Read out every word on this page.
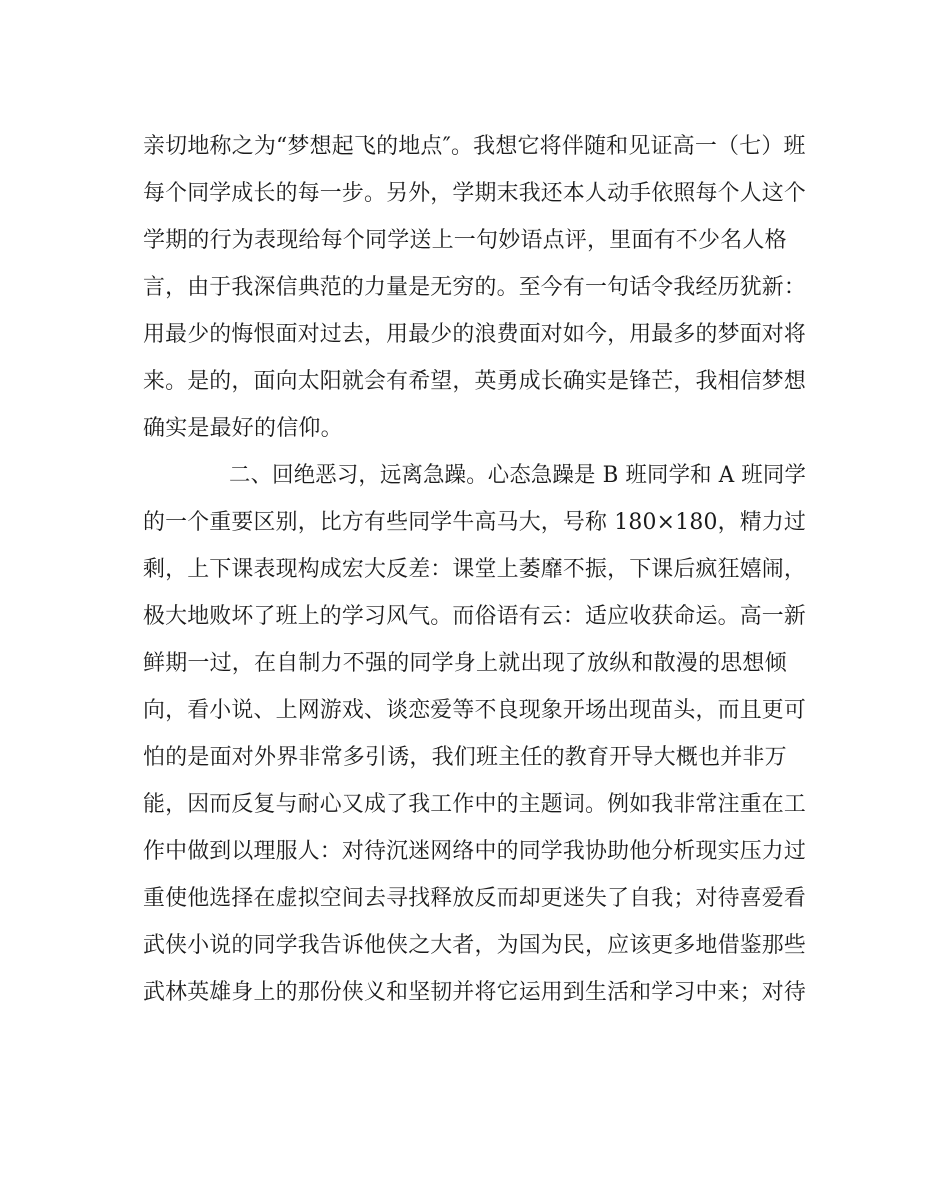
亲切地称之为“梦想起飞的地点″。我想它将伴随和见证高一（七）班
每个同学成长的每一步。另外，学期末我还本人动手依照每个人这个
学期的行为表现给每个同学送上一句妙语点评，里面有不少名人格
言，由于我深信典范的力量是无穷的。至今有一句话令我经历犹新：
用最少的悔恨面对过去，用最少的浪费面对如今，用最多的梦面对将
来。是的，面向太阳就会有希望，英勇成长确实是锋芒，我相信梦想
确实是最好的信仰。
二、回绝恶习，远离急躁。心态急躁是 B 班同学和 A 班同学
的一个重要区别，比方有些同学牛高马大，号称 180×180，精力过
剩，上下课表现构成宏大反差：课堂上萎靡不振，下课后疯狂嬉闹，
极大地败坏了班上的学习风气。而俗语有云：适应收获命运。高一新
鲜期一过，在自制力不强的同学身上就出现了放纵和散漫的思想倾
向，看小说、上网游戏、谈恋爱等不良现象开场出现苗头，而且更可
怕的是面对外界非常多引诱，我们班主任的教育开导大概也并非万
能，因而反复与耐心又成了我工作中的主题词。例如我非常注重在工
作中做到以理服人：对待沉迷网络中的同学我协助他分析现实压力过
重使他选择在虚拟空间去寻找释放反而却更迷失了自我；对待喜爱看
武侠小说的同学我告诉他侠之大者，为国为民，应该更多地借鉴那些
武林英雄身上的那份侠义和坚韧并将它运用到生活和学习中来；对待
